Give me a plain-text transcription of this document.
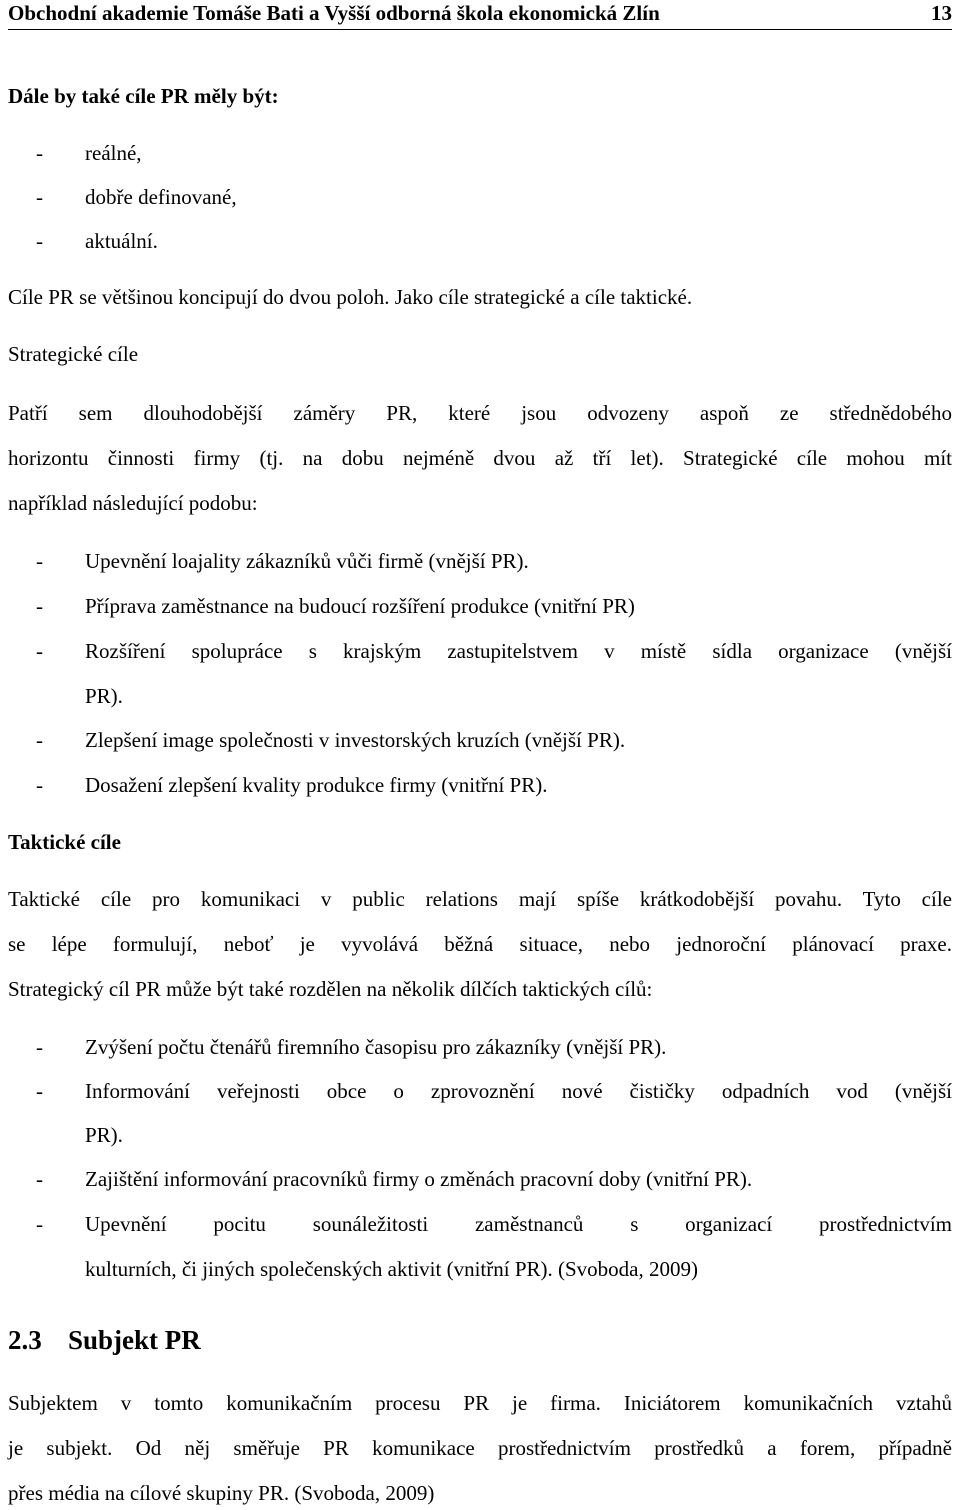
Obchodní akademie Tomáše Bati a Vyšší odborná škola ekonomická Zlín	13
Dále by také cíle PR měly být:
- reálné,
- dobře definované,
- aktuální.
Cíle PR se většinou koncipují do dvou poloh. Jako cíle strategické a cíle taktické.
Strategické cíle
Patří sem dlouhodobější záměry PR, které jsou odvozeny aspoň ze střednědobého
horizontu činnosti firmy (tj. na dobu nejméně dvou až tří let). Strategické cíle mohou mít
například následující podobu:
- Upevnění loajality zákazníků vůči firmě (vnější PR).
- Příprava zaměstnance na budoucí rozšíření produkce (vnitřní PR)
- Rozšíření spolupráce s krajským zastupitelstvem v místě sídla organizace (vnější
PR).
- Zlepšení image společnosti v investorských kruzích (vnější PR).
- Dosažení zlepšení kvality produkce firmy (vnitřní PR).
Taktické cíle
Taktické cíle pro komunikaci v public relations mají spíše krátkodobější povahu. Tyto cíle
se lépe formulují, neboť je vyvolává běžná situace, nebo jednoroční plánovací praxe.
Strategický cíl PR může být také rozdělen na několik dílčích taktických cílů:
- Zvýšení počtu čtenářů firemního časopisu pro zákazníky (vnější PR).
- Informování veřejnosti obce o zprovoznění nové čističky odpadních vod (vnější
PR).
- Zajištění informování pracovníků firmy o změnách pracovní doby (vnitřní PR).
- Upevnění pocitu sounáležitosti zaměstnanců s organizací prostřednictvím
kulturních, či jiných společenských aktivit (vnitřní PR). (Svoboda, 2009)
2.3 Subjekt PR
Subjektem v tomto komunikačním procesu PR je firma. Iniciátorem komunikačních vztahů
je subjekt. Od něj směřuje PR komunikace prostřednictvím prostředků a forem, případně
přes média na cílové skupiny PR. (Svoboda, 2009)
